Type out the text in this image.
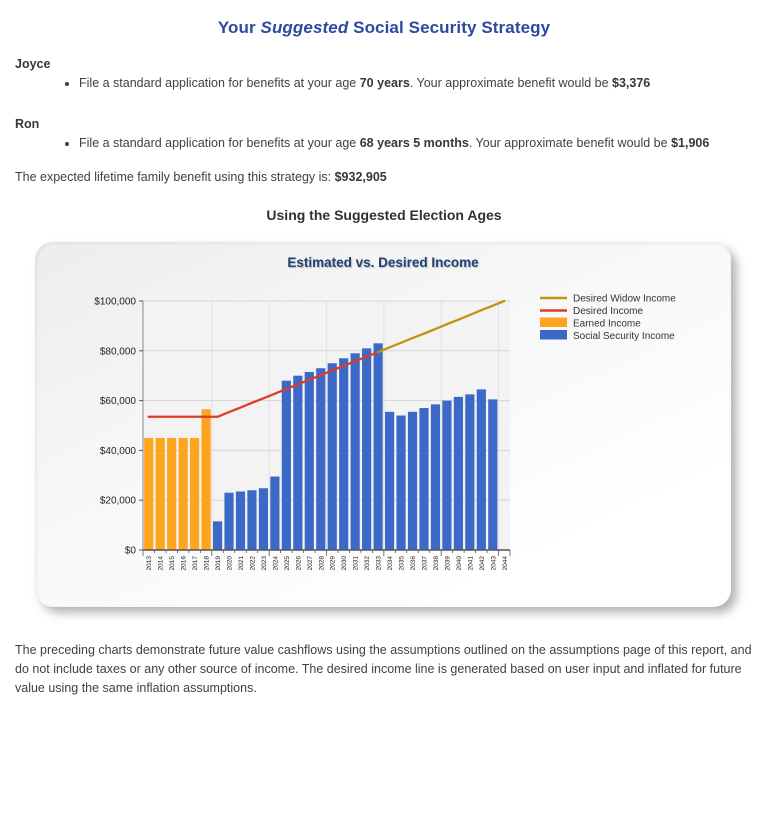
Your Suggested Social Security Strategy
Joyce
• File a standard application for benefits at your age 70 years. Your approximate benefit would be $3,376
Ron
• File a standard application for benefits at your age 68 years 5 months. Your approximate benefit would be $1,906

The expected lifetime family benefit using this strategy is: $932,905

Using the Suggested Election Ages
Estimated vs. Desired Income
$0
$20,000
$40,000
$60,000
$80,000
$100,000
2013 2014 2015 2016 2017 2018 2019 2020 2021 2022 2023 2024 2025 2026 2027 2028 2029 2030 2031 2032 2033 2034 2035 2036 2037 2038 2039 2040 2041 2042 2043 2044
Desired Widow Income
Desired Income
Earned Income
Social Security Income

The preceding charts demonstrate future value cashflows using the assumptions outlined on the assumptions page of this report, and do not include taxes or any other source of income. The desired income line is generated based on user input and inflated for future value using the same inflation assumptions.
